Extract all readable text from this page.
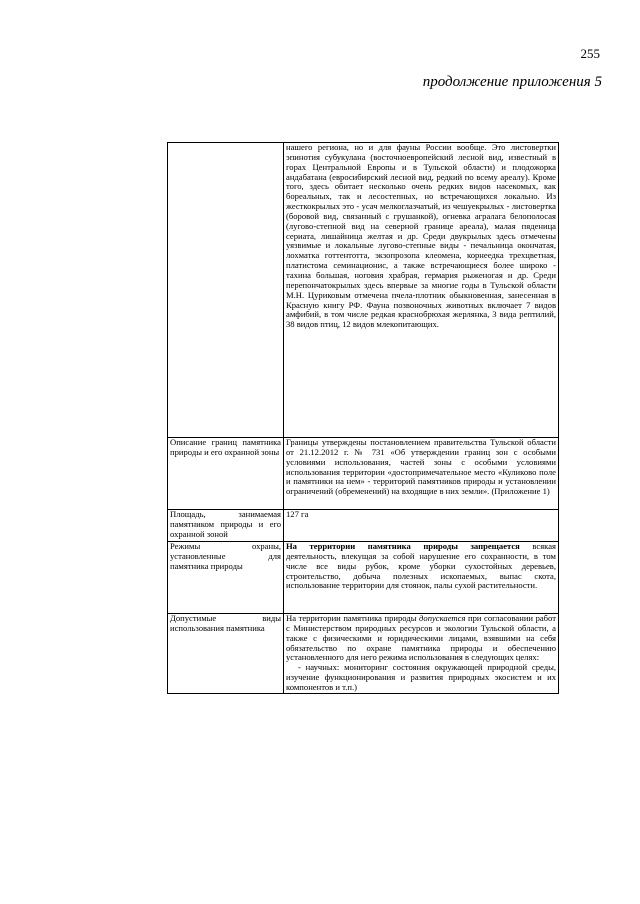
255
продолжение приложения 5

	нашего региона, но и для фауны России вообще. Это листовертки эпинотия субукулана (восточноевропейский лесной вид, известный в горах Центральной Европы и в Тульской области) и плодожорка андабатана (евросибирский лесной вид, редкий по всему ареалу). Кроме того, здесь обитает несколько очень редких видов насекомых, как бореальных, так и лесостепных, но встречающихся локально. Из жесткокрылых это - усач мелкоглазчатый, из чешуекрылых - листовертка (боровой вид, связанный с грушанкой), огневка агралага белополосая (лугово-степной вид на северной границе ареала), малая пяденица сериата, лишайница желтая и др. Среди двукрылых здесь отмечены уязвимые и локальные лугово-степные виды - печальница окончатая, лохматка готтентотта, экзопрозопа клеомена, корнеедка трехцветная, платистома семинационис, а также встречающиеся более широко - тахина большая, ноговия храбрая, гермария рыженогая и др. Среди перепончатокрылых здесь впервые за многие годы в Тульской области М.Н. Цуриковым отмечена пчела-плотник обыкновенная, занесенная в Красную книгу РФ. Фауна позвоночных животных включает 7 видов амфибий, в том числе редкая краснобрюхая жерлянка, 3 вида рептилий, 38 видов птиц, 12 видов млекопитающих.

Описание границ памятника природы и его охранной зоны	Границы утверждены постановлением правительства Тульской области от 21.12.2012 г. № 731 «Об утверждении границ зон с особыми условиями использования, частей зоны с особыми условиями использования территории «достопримечательное место «Куликово поле и памятники на нем» - территорий памятников природы и установлении ограничений (обременений) на входящие в них земли». (Приложение 1)

Площадь, занимаемая памятником природы и его охранной зоной	127 га

Режимы охраны, установленные для памятника природы	На территории памятника природы запрещается всякая деятельность, влекущая за собой нарушение его сохранности, в том числе все виды рубок, кроме уборки сухостойных деревьев, строительство, добыча полезных ископаемых, выпас скота, использование территории для стоянок, палы сухой растительности.
Допустимые виды использования памятника	На территории памятника природы допускается при согласовании работ с Министерством природных ресурсов и экологии Тульской области, а также с физическими и юридическими лицами, взявшими на себя обязательство по охране памятника природы и обеспечению установленного для него режима использования в следующих целях:
- научных: мониторинг состояния окружающей природной среды, изучение функционирования и развития природных экосистем и их компонентов и т.п.)
